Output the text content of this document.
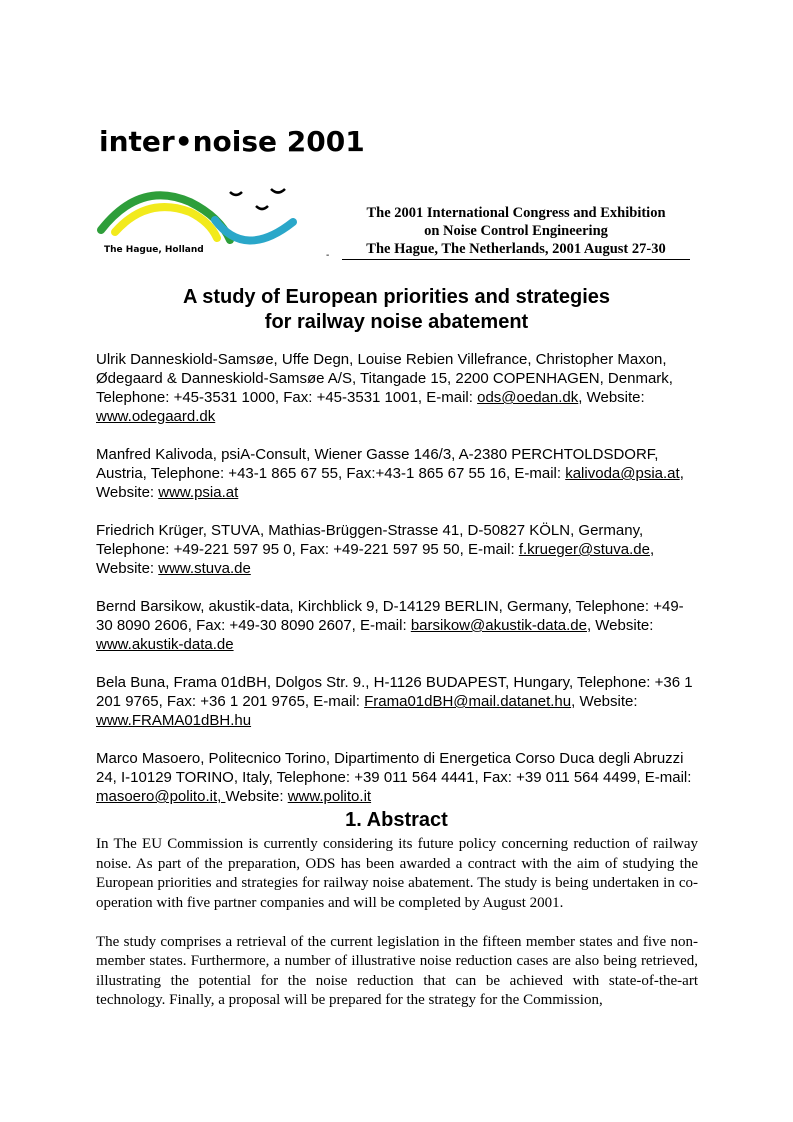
inter•noise 2001
The Hague, Holland	-
The 2001 International Congress and Exhibition
on Noise Control Engineering
The Hague, The Netherlands, 2001 August 27-30
A study of European priorities and strategies
for railway noise abatement
Ulrik Danneskiold-Samsøe, Uffe Degn, Louise Rebien Villefrance, Christopher Maxon, Ødegaard & Danneskiold-Samsøe A/S, Titangade 15, 2200 COPENHAGEN, Denmark, Telephone: +45-3531 1000, Fax: +45-3531 1001, E-mail: ods@oedan.dk, Website: www.odegaard.dk
Manfred Kalivoda, psiA-Consult, Wiener Gasse 146/3, A-2380 PERCHTOLDSDORF, Austria, Telephone: +43-1 865 67 55, Fax:+43-1 865 67 55 16, E-mail: kalivoda@psia.at, Website: www.psia.at
Friedrich Krüger, STUVA, Mathias-Brüggen-Strasse 41, D-50827 KÖLN, Germany, Telephone: +49-221 597 95 0, Fax: +49-221 597 95 50, E-mail: f.krueger@stuva.de, Website: www.stuva.de
Bernd Barsikow, akustik-data, Kirchblick 9, D-14129 BERLIN, Germany, Telephone: +49-30 8090 2606, Fax: +49-30 8090 2607, E-mail: barsikow@akustik-data.de, Website: www.akustik-data.de
Bela Buna, Frama 01dBH, Dolgos Str. 9., H-1126 BUDAPEST, Hungary, Telephone: +36 1 201 9765, Fax: +36 1 201 9765, E-mail: Frama01dBH@mail.datanet.hu, Website: www.FRAMA01dBH.hu
Marco Masoero, Politecnico Torino, Dipartimento di Energetica Corso Duca degli Abruzzi 24, I-10129 TORINO, Italy, Telephone: +39 011 564 4441, Fax: +39 011 564 4499, E-mail: masoero@polito.it, Website: www.polito.it
1. Abstract

In The EU Commission is currently considering its future policy concerning reduction of railway noise. As part of the preparation, ODS has been awarded a contract with the aim of studying the European priorities and strategies for railway noise abatement. The study is being undertaken in co-operation with five partner companies and will be completed by August 2001.

The study comprises a retrieval of the current legislation in the fifteen member states and five non-member states. Furthermore, a number of illustrative noise reduction cases are also being retrieved, illustrating the potential for the noise reduction that can be achieved with state-of-the-art technology. Finally, a proposal will be prepared for the strategy for the Commission,
